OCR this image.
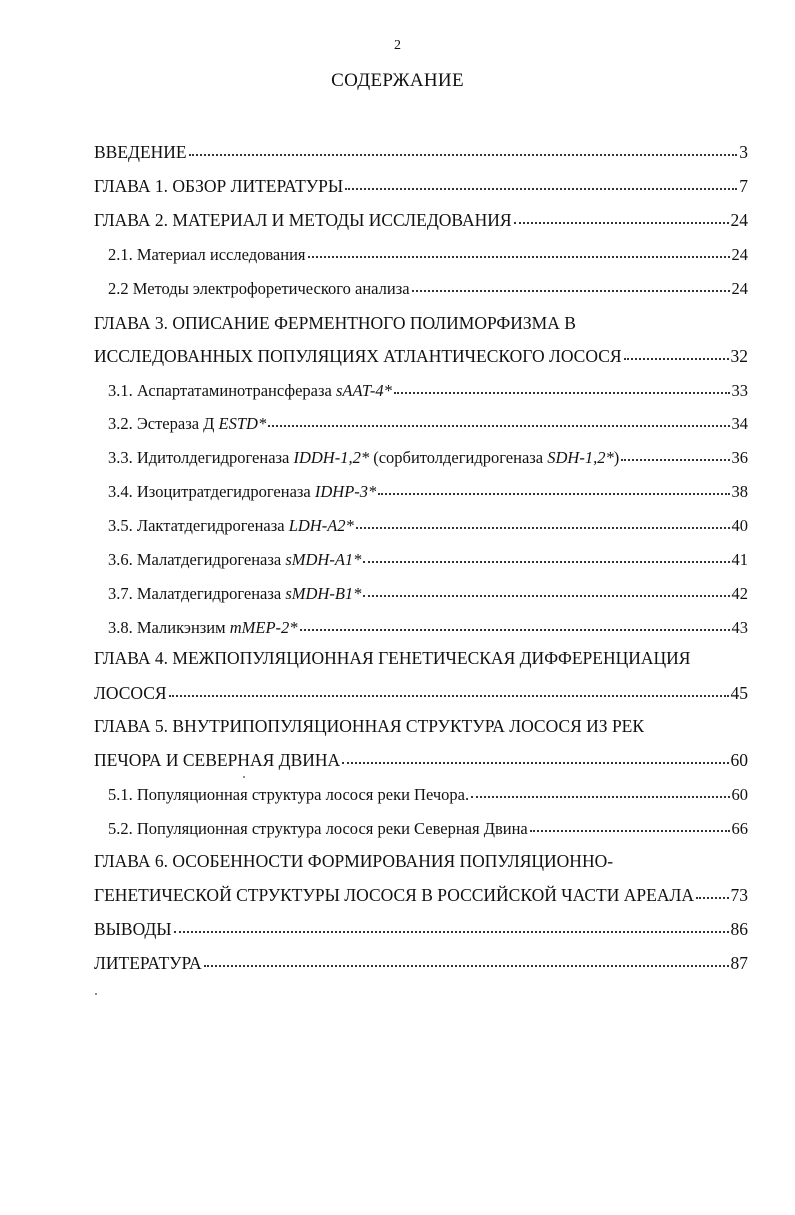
2
СОДЕРЖАНИЕ
ВВЕДЕНИЕ	3
ГЛАВА 1. ОБЗОР ЛИТЕРАТУРЫ	7
ГЛАВА 2. МАТЕРИАЛ И МЕТОДЫ ИССЛЕДОВАНИЯ	24
2.1. Материал исследования	24
2.2 Методы электрофоретического анализа	24
ГЛАВА 3. ОПИСАНИЕ ФЕРМЕНТНОГО ПОЛИМОРФИЗМА В
ИССЛЕДОВАННЫХ ПОПУЛЯЦИЯХ АТЛАНТИЧЕСКОГО ЛОСОСЯ	32
3.1. Аспартатаминотрансфераза sAAT-4*	33
3.2. Эстераза Д ESTD*	34
3.3. Идитолдегидрогеназа IDDH-1,2* (сорбитолдегидрогеназа SDH-1,2*)	36
3.4. Изоцитратдегидрогеназа IDHP-3*	38
3.5. Лактатдегидрогеназа LDH-A2*	40
3.6. Малатдегидрогеназа sMDH-A1*	41
3.7. Малатдегидрогеназа sMDH-B1*	42
3.8. Маликэнзим mMEP-2*	43
ГЛАВА 4. МЕЖПОПУЛЯЦИОННАЯ ГЕНЕТИЧЕСКАЯ ДИФФЕРЕНЦИАЦИЯ
ЛОСОСЯ	45
ГЛАВА 5. ВНУТРИПОПУЛЯЦИОННАЯ СТРУКТУРА ЛОСОСЯ ИЗ РЕК
ПЕЧОРА И СЕВЕРНАЯ ДВИНА	60
5.1. Популяционная структура лосося реки Печора.	60
5.2. Популяционная структура лосося реки Северная Двина	66
ГЛАВА 6. ОСОБЕННОСТИ ФОРМИРОВАНИЯ ПОПУЛЯЦИОННО-
ГЕНЕТИЧЕСКОЙ СТРУКТУРЫ ЛОСОСЯ В РОССИЙСКОЙ ЧАСТИ АРЕАЛА 73
ВЫВОДЫ	86
ЛИТЕРАТУРА	87
